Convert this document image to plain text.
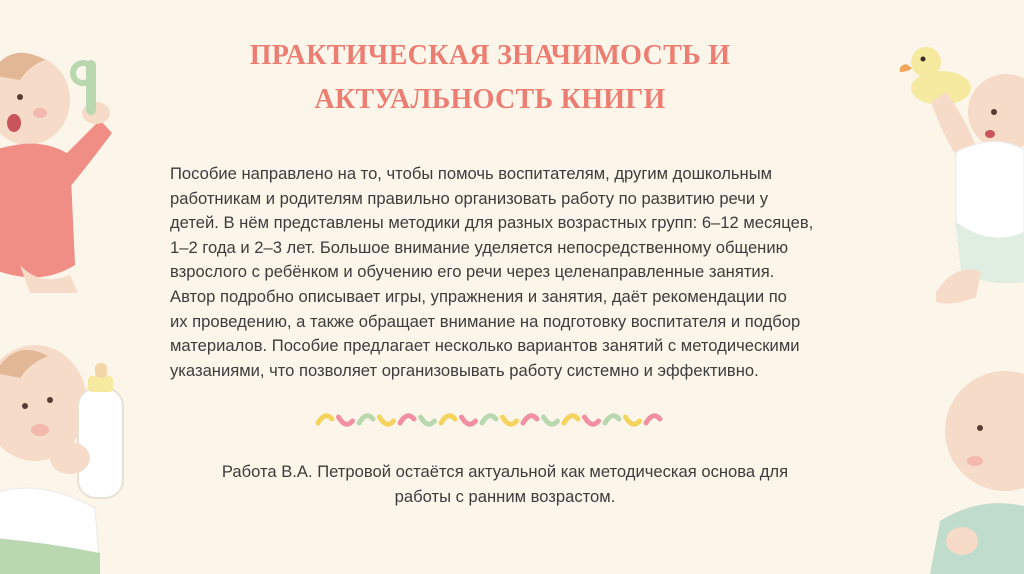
ПРАКТИЧЕСКАЯ ЗНАЧИМОСТЬ И
АКТУАЛЬНОСТЬ КНИГИ

Пособие направлено на то, чтобы помочь воспитателям, другим дошкольным
работникам и родителям правильно организовать работу по развитию речи у
детей. В нём представлены методики для разных возрастных групп: 6–12 месяцев,
1–2 года и 2–3 лет. Большое внимание уделяется непосредственному общению
взрослого с ребёнком и обучению его речи через целенаправленные занятия.
Автор подробно описывает игры, упражнения и занятия, даёт рекомендации по
их проведению, а также обращает внимание на подготовку воспитателя и подбор
материалов. Пособие предлагает несколько вариантов занятий с методическими
указаниями, что позволяет организовывать работу системно и эффективно.

Работа В.А. Петровой остаётся актуальной как методическая основа для
работы с ранним возрастом.
